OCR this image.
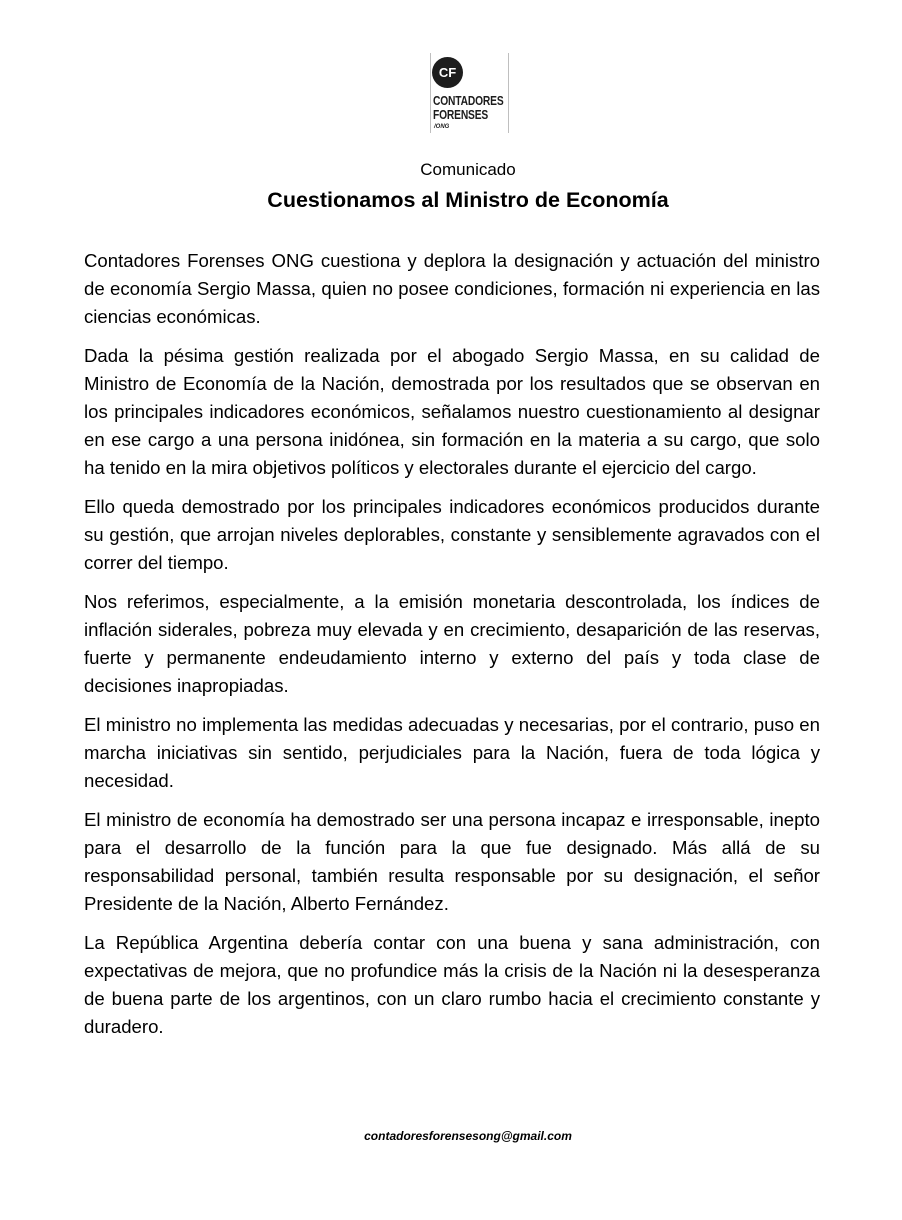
CF
CONTADORES
FORENSES
/ONG
Comunicado
Cuestionamos al Ministro de Economía

Contadores Forenses ONG cuestiona y deplora la designación y actuación del ministro de economía Sergio Massa, quien no posee condiciones, formación ni experiencia en las ciencias económicas.

Dada la pésima gestión realizada por el abogado Sergio Massa, en su calidad de Ministro de Economía de la Nación, demostrada por los resultados que se observan en los principales indicadores económicos, señalamos nuestro cuestionamiento al designar en ese cargo a una persona inidónea, sin formación en la materia a su cargo, que solo ha tenido en la mira objetivos políticos y electorales durante el ejercicio del cargo.

Ello queda demostrado por los principales indicadores económicos producidos durante su gestión, que arrojan niveles deplorables, constante y sensiblemente agravados con el correr del tiempo.

Nos referimos, especialmente, a la emisión monetaria descontrolada, los índices de inflación siderales, pobreza muy elevada y en crecimiento, desaparición de las reservas, fuerte y permanente endeudamiento interno y externo del país y toda clase de decisiones inapropiadas.

El ministro no implementa las medidas adecuadas y necesarias, por el contrario, puso en marcha iniciativas sin sentido, perjudiciales para la Nación, fuera de toda lógica y necesidad.

El ministro de economía ha demostrado ser una persona incapaz e irresponsable, inepto para el desarrollo de la función para la que fue designado. Más allá de su responsabilidad personal, también resulta responsable por su designación, el señor Presidente de la Nación, Alberto Fernández.

La República Argentina debería contar con una buena y sana administración, con expectativas de mejora, que no profundice más la crisis de la Nación ni la desesperanza de buena parte de los argentinos, con un claro rumbo hacia el crecimiento constante y duradero.

contadoresforensesong@gmail.com
